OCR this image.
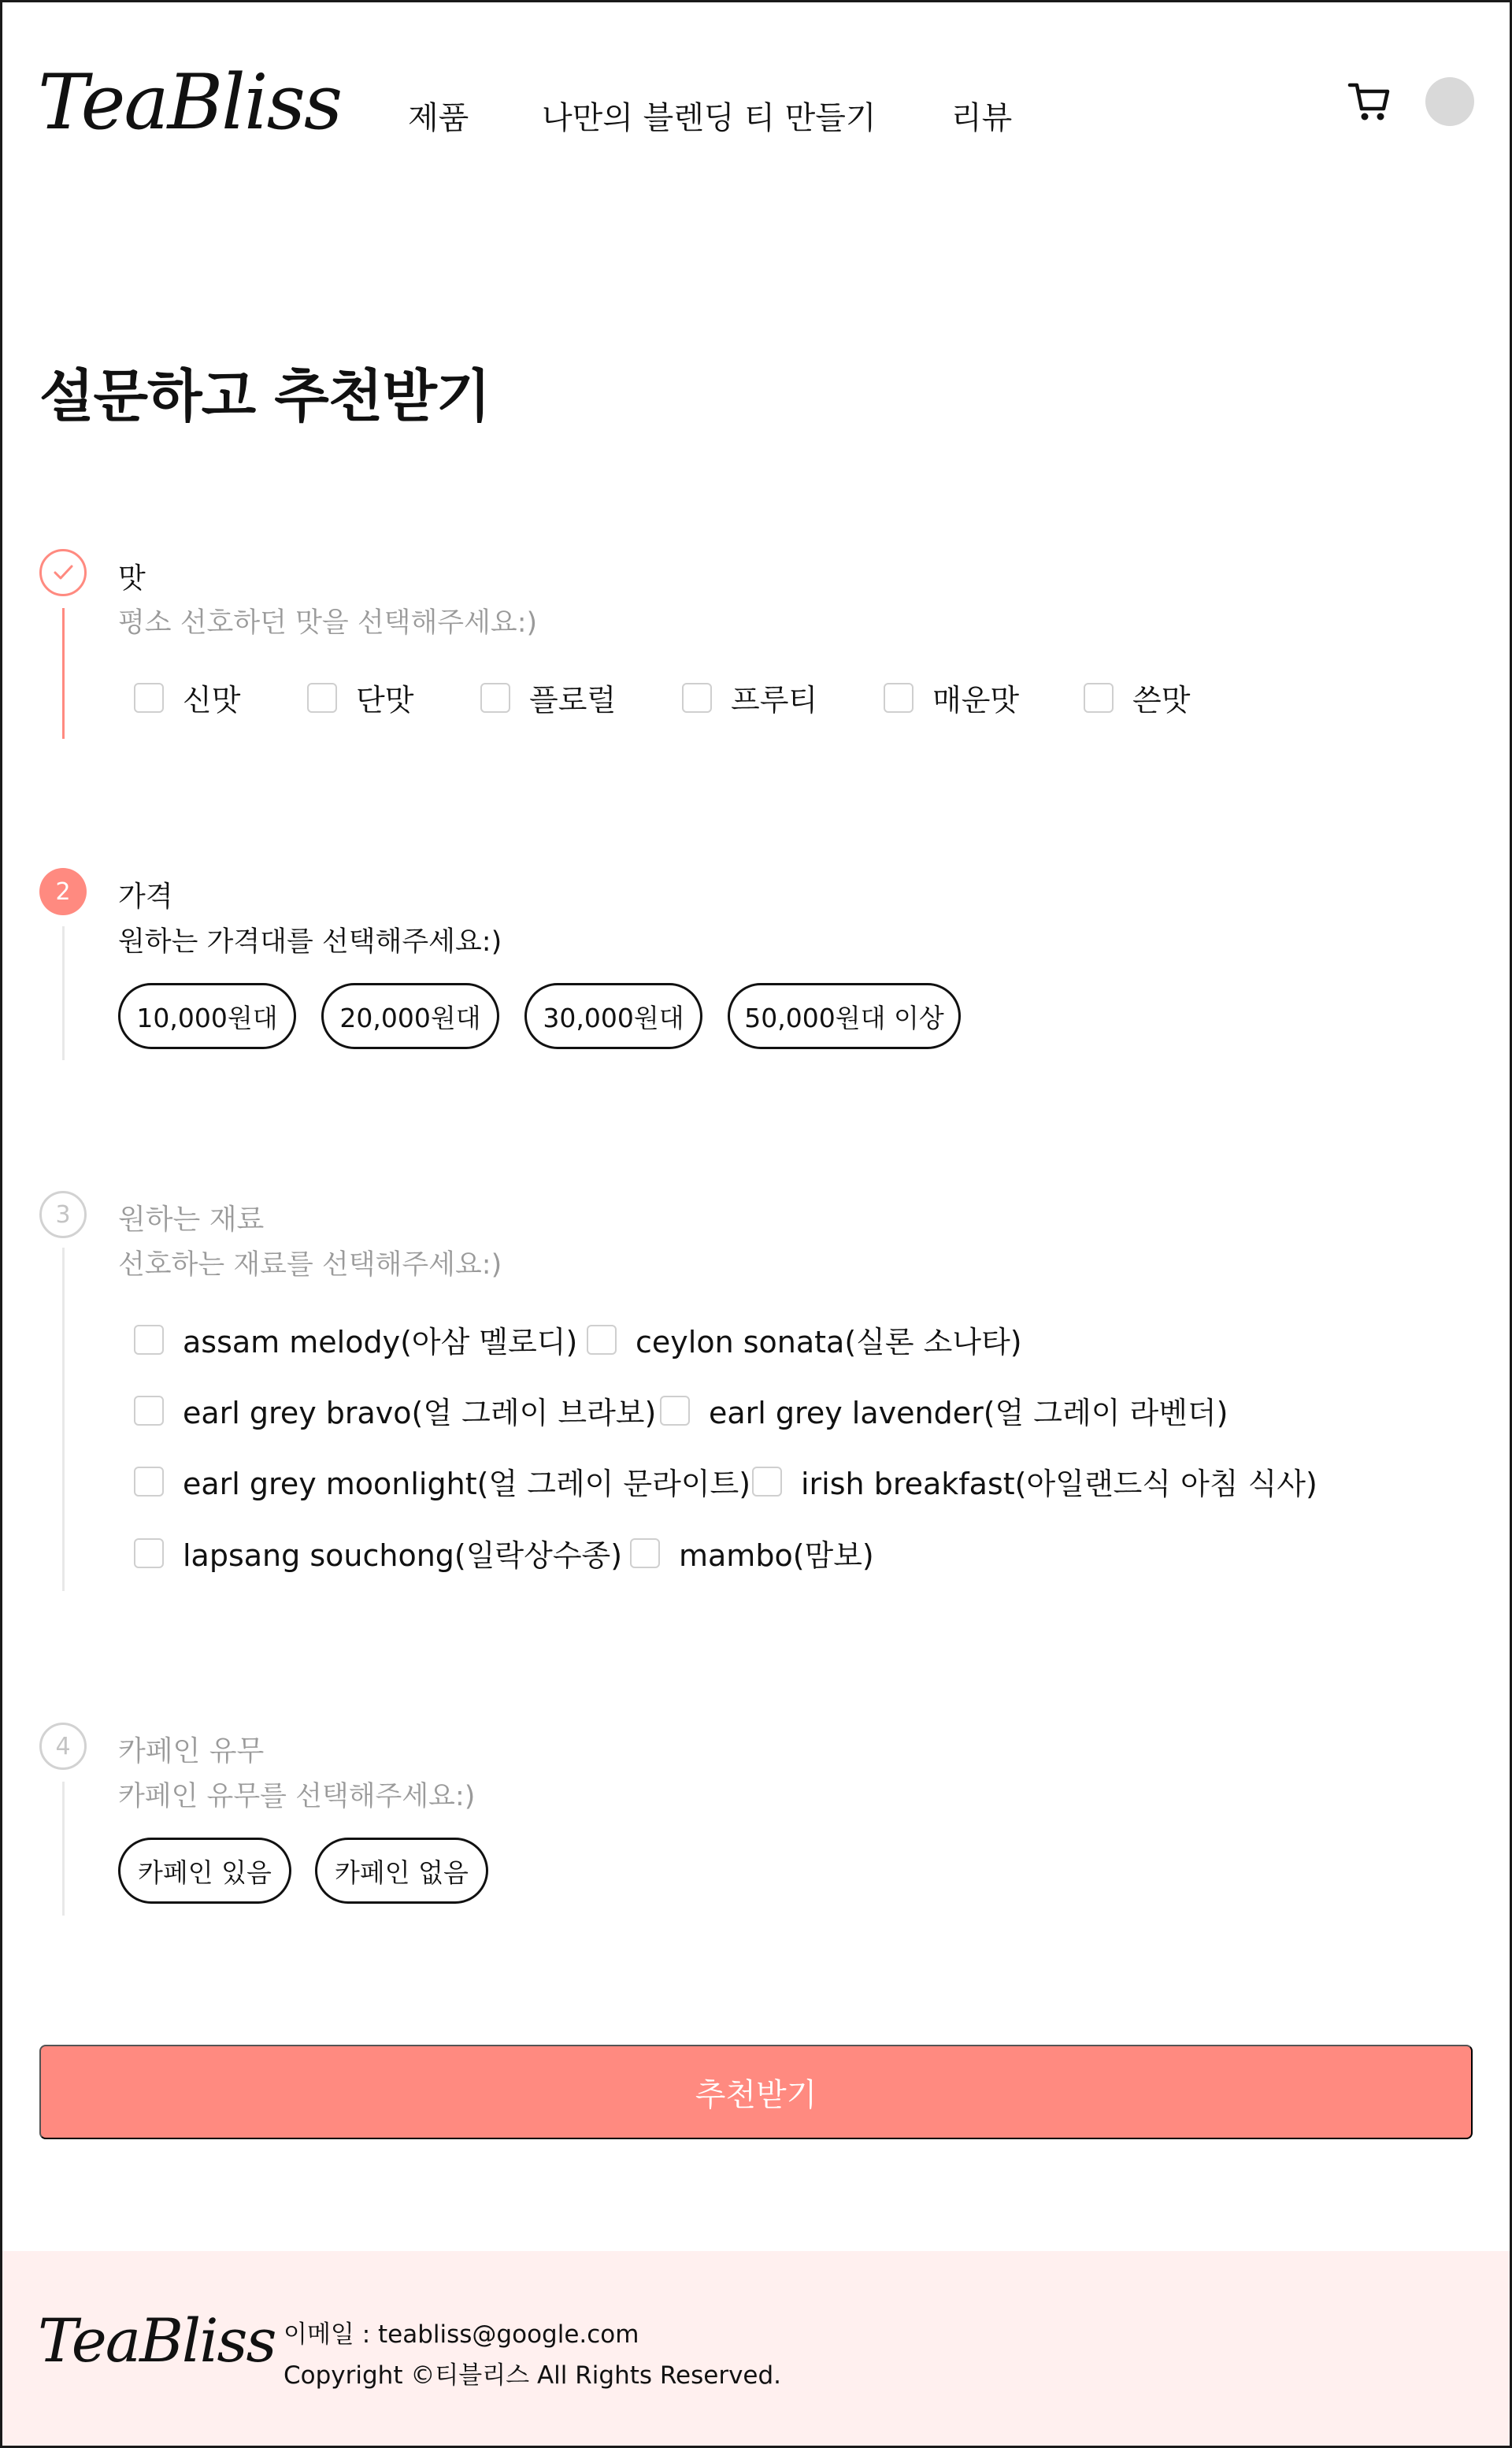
TeaBliss 제품 나만의 블렌딩 티 만들기 리뷰
설문하고 추천받기
맛
평소 선호하던 맛을 선택해주세요:)
신맛	단맛	플로럴	프루티	매운맛	쓴맛
2	가격
원하는 가격대를 선택해주세요:)
10,000원대	20,000원대	30,000원대	50,000원대 이상
3	원하는 재료
선호하는 재료를 선택해주세요:)
assam melody(아삼 멜로디) ceylon sonata(실론 소나타)
earl grey bravo(얼 그레이 브라보) earl grey lavender(얼 그레이 라벤더)
earl grey moonlight(얼 그레이 문라이트) irish breakfast(아일랜드식 아침 식사)
lapsang souchong(일락상수종) mambo(맘보)
4	카페인 유무
카페인 유무를 선택해주세요:)
카페인 있음	카페인 없음
추천받기
TeaBliss 이메일 : teabliss@google.com
Copyright ©티블리스 All Rights Reserved.
